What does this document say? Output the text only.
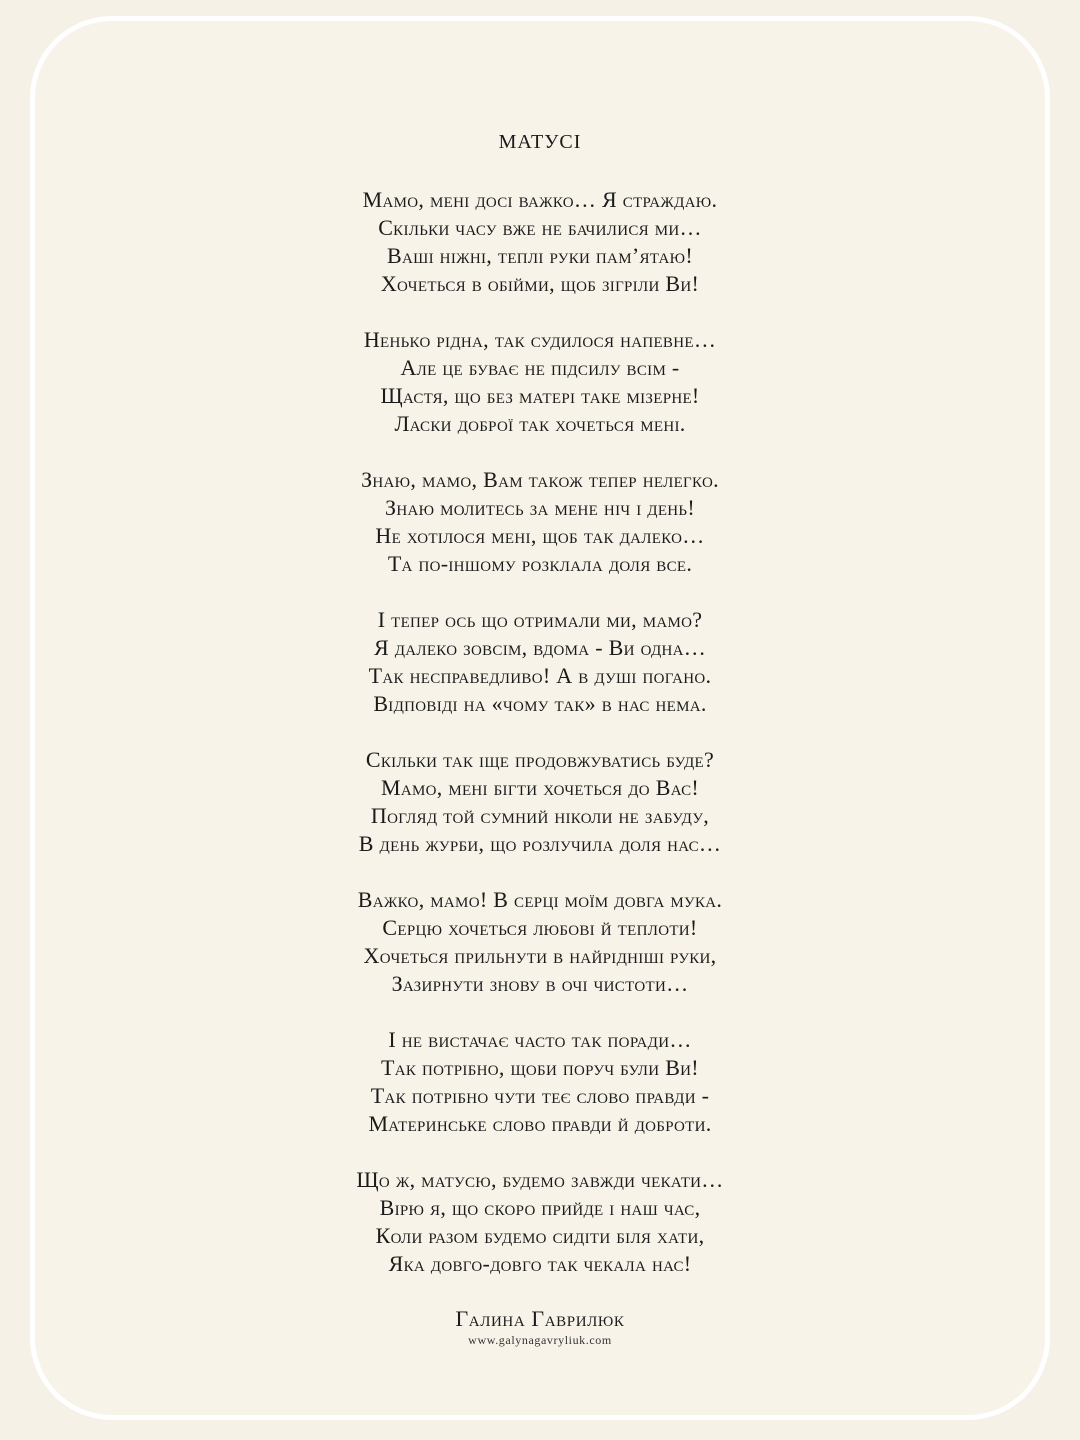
МАТУСІ
Мамо, мені досі важко… Я страждаю.
Скільки часу вже не бачилися ми…
Ваші ніжні, теплі руки пам’ятаю!
Хочеться в обійми, щоб зігріли Ви!
Ненько рідна, так судилося напевне…
Але це буває не підсилу всім -
Щастя, що без матері таке мізерне!
Ласки доброї так хочеться мені.
Знаю, мамо, Вам також тепер нелегко.
Знаю молитесь за мене ніч і день!
Не хотілося мені, щоб так далеко…
Та по-іншому розклала доля все.
І тепер ось що отримали ми, мамо?
Я далеко зовсім, вдома - Ви одна…
Так несправедливо! А в душі погано.
Відповіді на «чому так» в нас нема.
Скільки так іще продовжуватись буде?
Мамо, мені бігти хочеться до Вас!
Погляд той сумний ніколи не забуду,
В день журби, що розлучила доля нас…
Важко, мамо! В серці моїм довга мука.
Серцю хочеться любові й теплоти!
Хочеться прильнути в найрідніші руки,
Зазирнути знову в очі чистоти…
І не вистачає часто так поради…
Так потрібно, щоби поруч були Ви!
Так потрібно чути теє слово правди -
Материнське слово правди й доброти.
Що ж, матусю, будемо завжди чекати…
Вірю я, що скоро прийде і наш час,
Коли разом будемо сидіти біля хати,
Яка довго-довго так чекала нас!
Галина Гаврилюк
www.galynagavryliuk.com
